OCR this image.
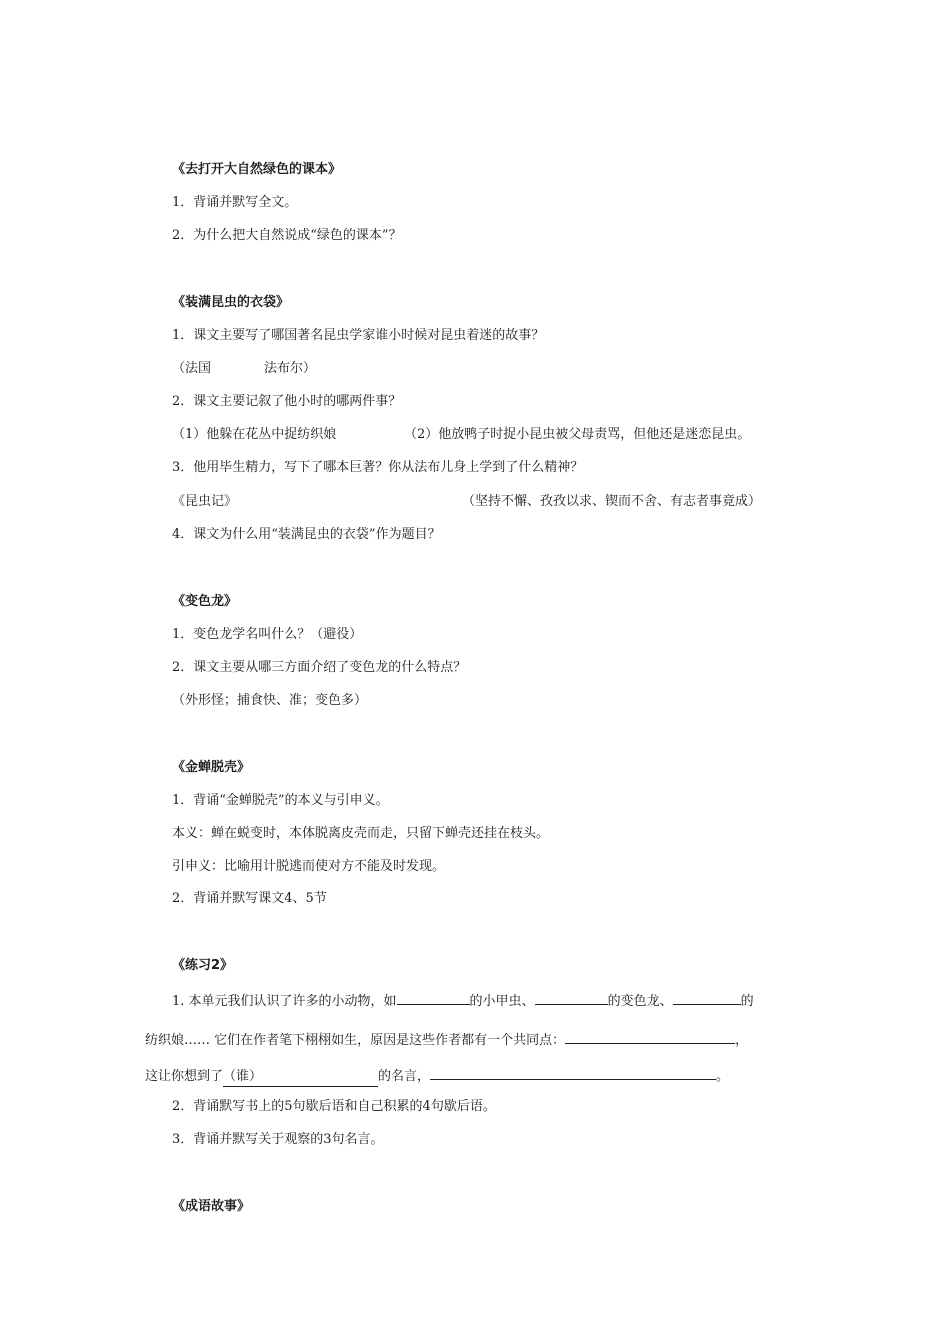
《去打开大自然绿色的课本》
1．背诵并默写全文。
2．为什么把大自然说成“绿色的课本”？
《装满昆虫的衣袋》
1．课文主要写了哪国著名昆虫学家谁小时候对昆虫着迷的故事？
（法国	法布尔）
2．课文主要记叙了他小时的哪两件事？
（1）他躲在花丛中捉纺织娘	（2）他放鸭子时捉小昆虫被父母责骂，但他还是迷恋昆虫。
3．他用毕生精力，写下了哪本巨著？你从法布儿身上学到了什么精神？
《昆虫记》	（坚持不懈、孜孜以求、锲而不舍、有志者事竟成）
4．课文为什么用“装满昆虫的衣袋”作为题目？
《变色龙》
1．变色龙学名叫什么？（避役）
2．课文主要从哪三方面介绍了变色龙的什么特点？
（外形怪；捕食快、准；变色多）
《金蝉脱壳》
1．背诵“金蝉脱壳”的本义与引申义。
本义：蝉在蜕变时，本体脱离皮壳而走，只留下蝉壳还挂在枝头。
引申义：比喻用计脱逃而使对方不能及时发现。
2．背诵并默写课文4、5节
《练习2》
1. 本单元我们认识了许多的小动物，如	的小甲虫、	的变色龙、	的
纺织娘…… 它们在作者笔下栩栩如生，原因是这些作者都有一个共同点：	，
这让你想到了（谁）	的名言，	。
2．背诵默写书上的5句歇后语和自己积累的4句歇后语。
3．背诵并默写关于观察的3句名言。
《成语故事》
